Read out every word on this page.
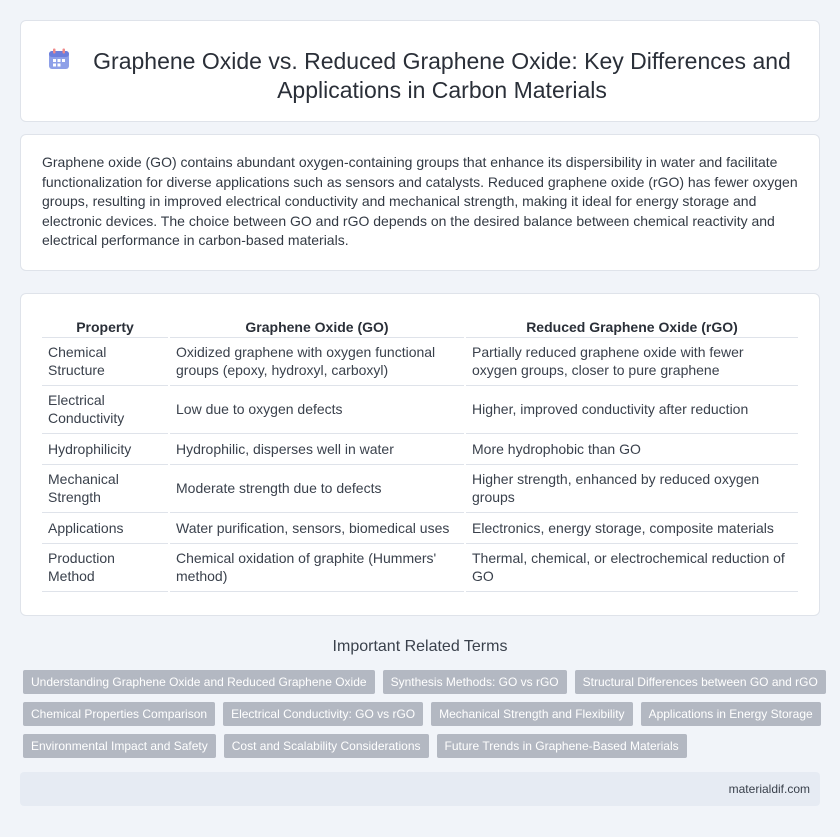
Graphene Oxide vs. Reduced Graphene Oxide: Key Differences and Applications in Carbon Materials

Graphene oxide (GO) contains abundant oxygen-containing groups that enhance its dispersibility in water and facilitate functionalization for diverse applications such as sensors and catalysts. Reduced graphene oxide (rGO) has fewer oxygen groups, resulting in improved electrical conductivity and mechanical strength, making it ideal for energy storage and electronic devices. The choice between GO and rGO depends on the desired balance between chemical reactivity and electrical performance in carbon-based materials.

Property	Graphene Oxide (GO)	Reduced Graphene Oxide (rGO)
Chemical Structure	Oxidized graphene with oxygen functional groups (epoxy, hydroxyl, carboxyl)	Partially reduced graphene oxide with fewer oxygen groups, closer to pure graphene
Electrical Conductivity	Low due to oxygen defects	Higher, improved conductivity after reduction
Hydrophilicity	Hydrophilic, disperses well in water	More hydrophobic than GO
Mechanical Strength	Moderate strength due to defects	Higher strength, enhanced by reduced oxygen groups
Applications	Water purification, sensors, biomedical uses	Electronics, energy storage, composite materials
Production Method	Chemical oxidation of graphite (Hummers' method)	Thermal, chemical, or electrochemical reduction of GO
Important Related Terms
Understanding Graphene Oxide and Reduced Graphene Oxide	Synthesis Methods: GO vs rGO	Structural Differences between GO and rGO
Chemical Properties Comparison	Electrical Conductivity: GO vs rGO	Mechanical Strength and Flexibility	Applications in Energy Storage
Environmental Impact and Safety	Cost and Scalability Considerations	Future Trends in Graphene-Based Materials
materialdif.com
